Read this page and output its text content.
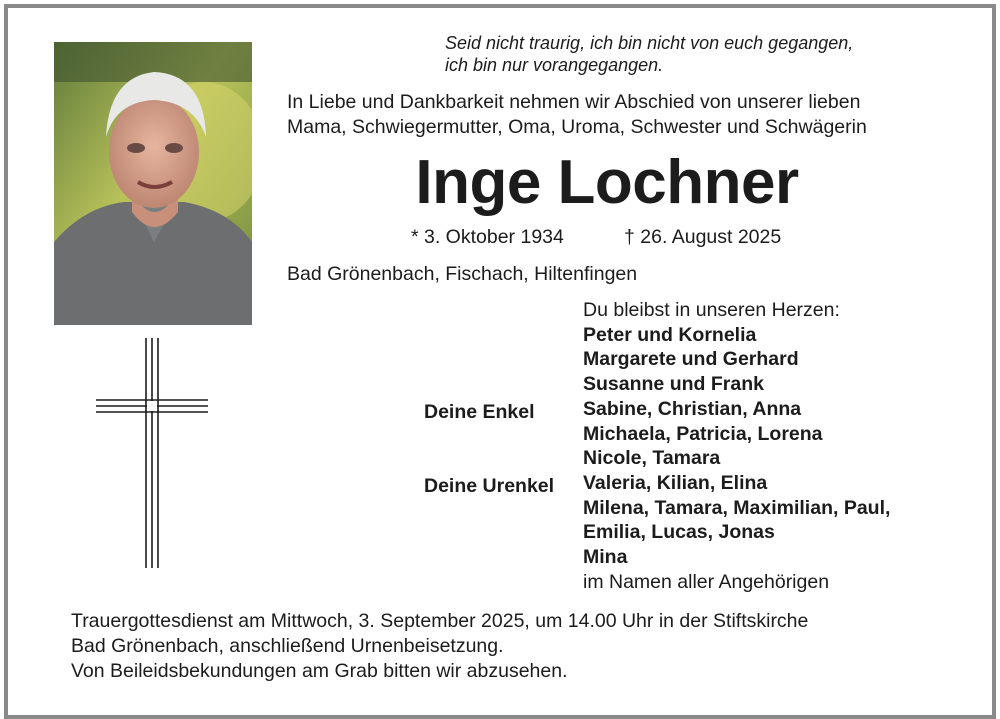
Seid nicht traurig, ich bin nicht von euch gegangen,
ich bin nur vorangegangen.
In Liebe und Dankbarkeit nehmen wir Abschied von unserer lieben
Mama, Schwiegermutter, Oma, Uroma, Schwester und Schwägerin
Inge Lochner
* 3. Oktober 1934	† 26. August 2025
Bad Grönenbach, Fischach, Hiltenfingen
Du bleibst in unseren Herzen:
Peter und Kornelia
Margarete und Gerhard
Susanne und Frank
Sabine, Christian, Anna
Michaela, Patricia, Lorena
Nicole, Tamara
Valeria, Kilian, Elina
Milena, Tamara, Maximilian, Paul,
Emilia, Lucas, Jonas
Mina
im Namen aller Angehörigen
Deine Enkel
Deine Urenkel
Trauergottesdienst am Mittwoch, 3. September 2025, um 14.00 Uhr in der Stiftskirche
Bad Grönenbach, anschließend Urnenbeisetzung.
Von Beileidsbekundungen am Grab bitten wir abzusehen.
